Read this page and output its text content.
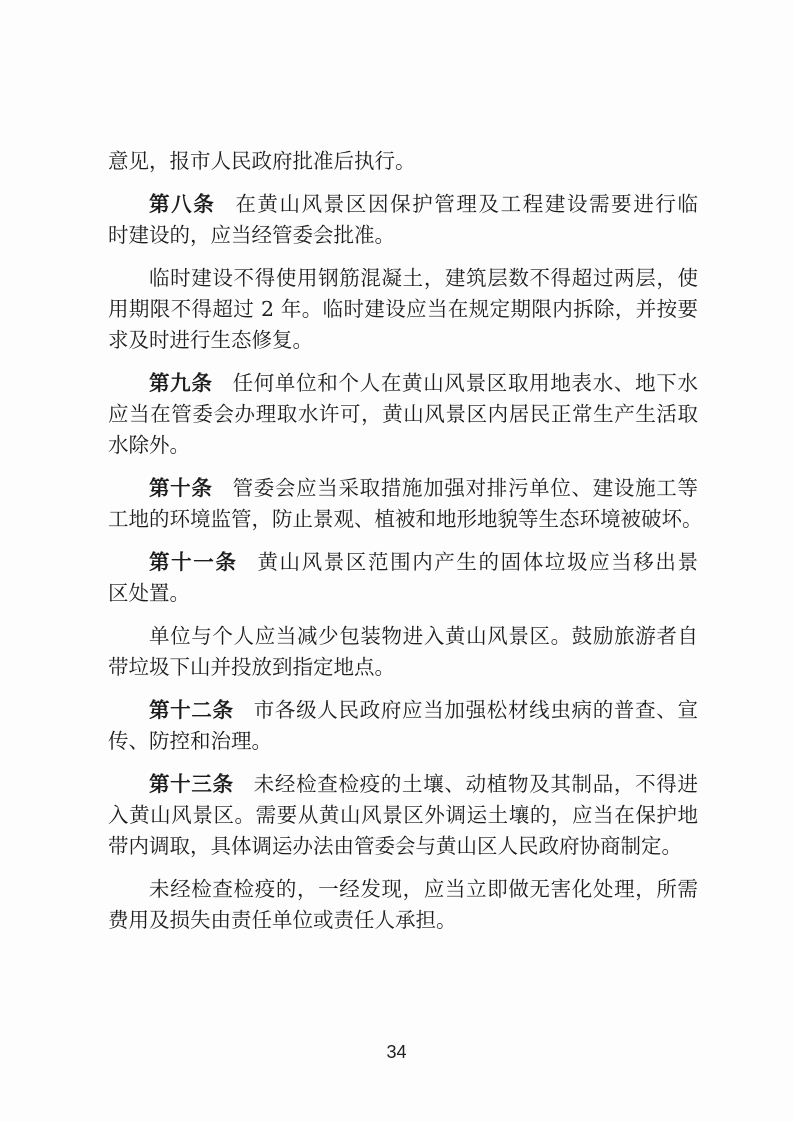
意见，报市人民政府批准后执行。
第八条 在黄山风景区因保护管理及工程建设需要进行临
时建设的，应当经管委会批准。
临时建设不得使用钢筋混凝土，建筑层数不得超过两层，使
用期限不得超过 2 年。临时建设应当在规定期限内拆除，并按要
求及时进行生态修复。
第九条 任何单位和个人在黄山风景区取用地表水、地下水
应当在管委会办理取水许可，黄山风景区内居民正常生产生活取
水除外。
第十条 管委会应当采取措施加强对排污单位、建设施工等
工地的环境监管，防止景观、植被和地形地貌等生态环境被破坏。
第十一条 黄山风景区范围内产生的固体垃圾应当移出景
区处置。
单位与个人应当减少包装物进入黄山风景区。鼓励旅游者自
带垃圾下山并投放到指定地点。
第十二条 市各级人民政府应当加强松材线虫病的普查、宣
传、防控和治理。
第十三条 未经检查检疫的土壤、动植物及其制品，不得进
入黄山风景区。需要从黄山风景区外调运土壤的，应当在保护地
带内调取，具体调运办法由管委会与黄山区人民政府协商制定。
未经检查检疫的，一经发现，应当立即做无害化处理，所需
费用及损失由责任单位或责任人承担。
34
